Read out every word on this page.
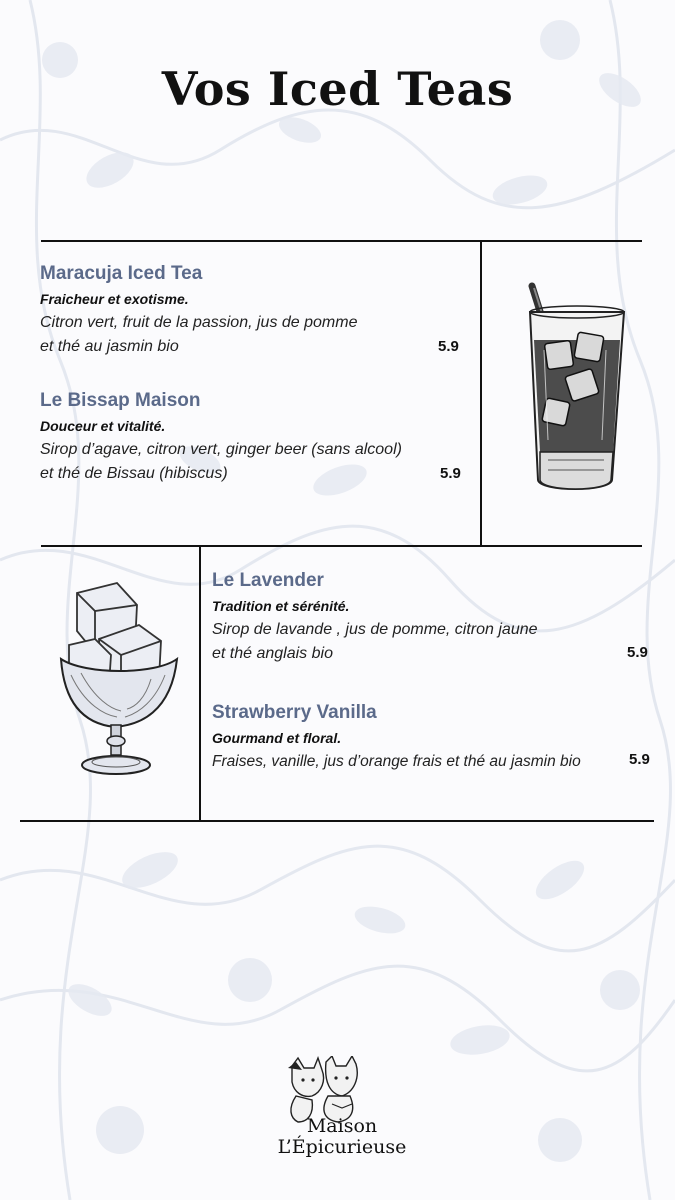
Vos Iced Teas
Maracuja Iced Tea
Fraicheur et exotisme.
Citron vert, fruit de la passion, jus de pomme
et thé au jasmin bio	5.9
Le Bissap Maison
Douceur et vitalité.
Sirop d’agave, citron vert, ginger beer (sans alcool)
et thé de Bissau (hibiscus)	5.9
Le Lavender
Tradition et sérénité.
Sirop de lavande , jus de pomme, citron jaune
et thé anglais bio	5.9
Strawberry Vanilla
Gourmand et floral.
Fraises, vanille, jus d’orange frais et thé au jasmin bio	5.9
Maison
L’Épicurieuse
